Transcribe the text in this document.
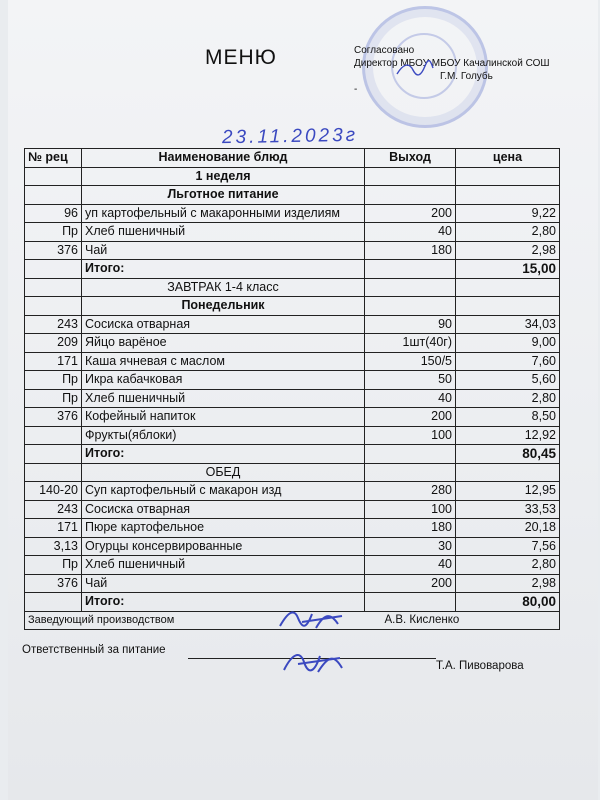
МЕНЮ	Согласовано
Директор МБОУ МБОУ Качалинской СОШ
Г.М. Голубь
-
23.11.2023г
№ рец	Наименование блюд	Выход	цена
	1 неделя		
	Льготное питание		
96	уп картофельный с макаронными изделиям	200	9,22
Пр	Хлеб пшеничный	40	2,80
376	Чай	180	2,98
	Итого:		15,00
	ЗАВТРАК 1-4 класс		
	Понедельник		
243	Сосиска отварная	90	34,03
209	Яйцо варёное	1шт(40г)	9,00
171	Каша ячневая с маслом	150/5	7,60
Пр	Икра кабачковая	50	5,60
Пр	Хлеб пшеничный	40	2,80
376	Кофейный напиток	200	8,50
	Фрукты(яблоки)	100	12,92
	Итого:		80,45
	ОБЕД		
140-20	Суп картофельный с макарон изд	280	12,95
243	Сосиска отварная	100	33,53
171	Пюре картофельное	180	20,18
3,13	Огурцы консервированные	30	7,56
Пр	Хлеб пшеничный	40	2,80
376	Чай	200	2,98
	Итого:		80,00
Заведующий производством		А.В. Кисленко	
Ответственный за питание
Т.А. Пивоварова
